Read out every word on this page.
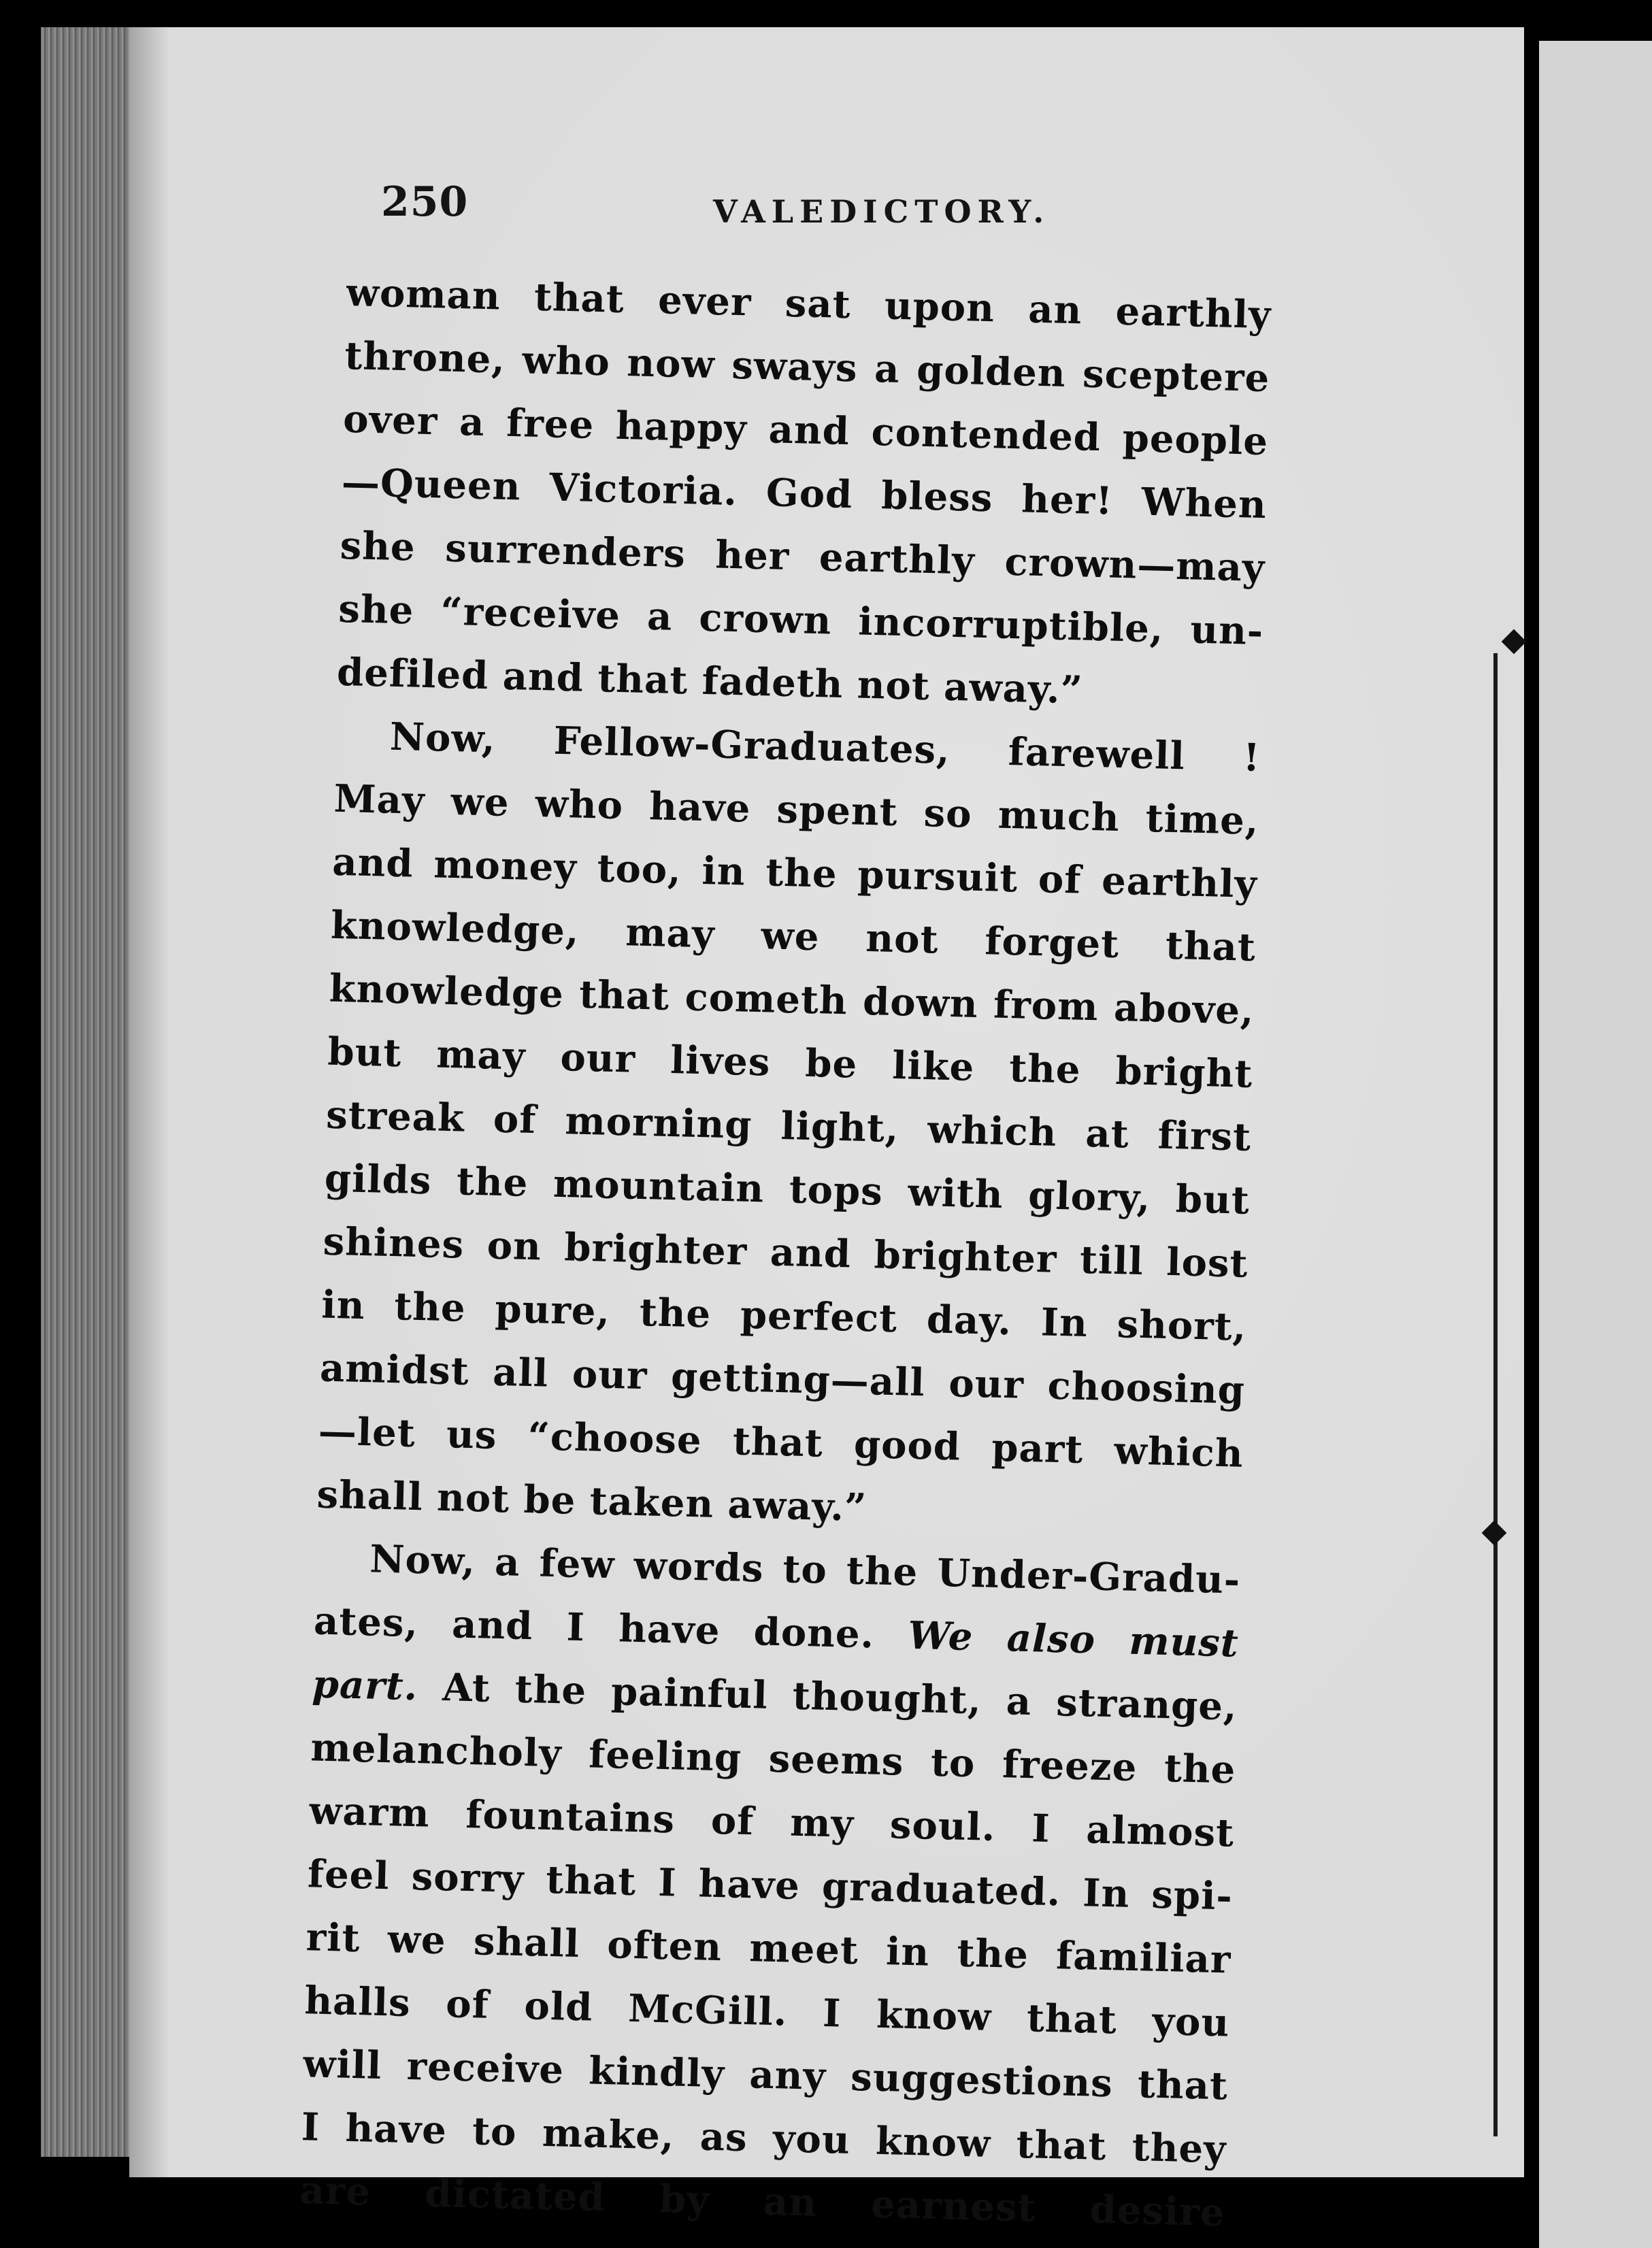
250	VALEDICTORY.
woman that ever sat upon an earthly
throne, who now sways a golden sceptere
over a free happy and contended people
—Queen Victoria. God bless her! When
she surrenders her earthly crown—may
she “receive a crown incorruptible, un-
defiled and that fadeth not away.”
Now, Fellow-Graduates, farewell !
May we who have spent so much time,
and money too, in the pursuit of earthly
knowledge, may we not forget that
knowledge that cometh down from above,
but may our lives be like the bright
streak of morning light, which at first
gilds the mountain tops with glory, but
shines on brighter and brighter till lost
in the pure, the perfect day. In short,
amidst all our getting—all our choosing
—let us “choose that good part which
shall not be taken away.”
Now, a few words to the Under-Gradu-
ates, and I have done. We also must
part. At the painful thought, a strange,
melancholy feeling seems to freeze the
warm fountains of my soul. I almost
feel sorry that I have graduated. In spi-
rit we shall often meet in the familiar
halls of old McGill. I know that you
will receive kindly any suggestions that
I have to make, as you know that they
are dictated by an earnest desire
